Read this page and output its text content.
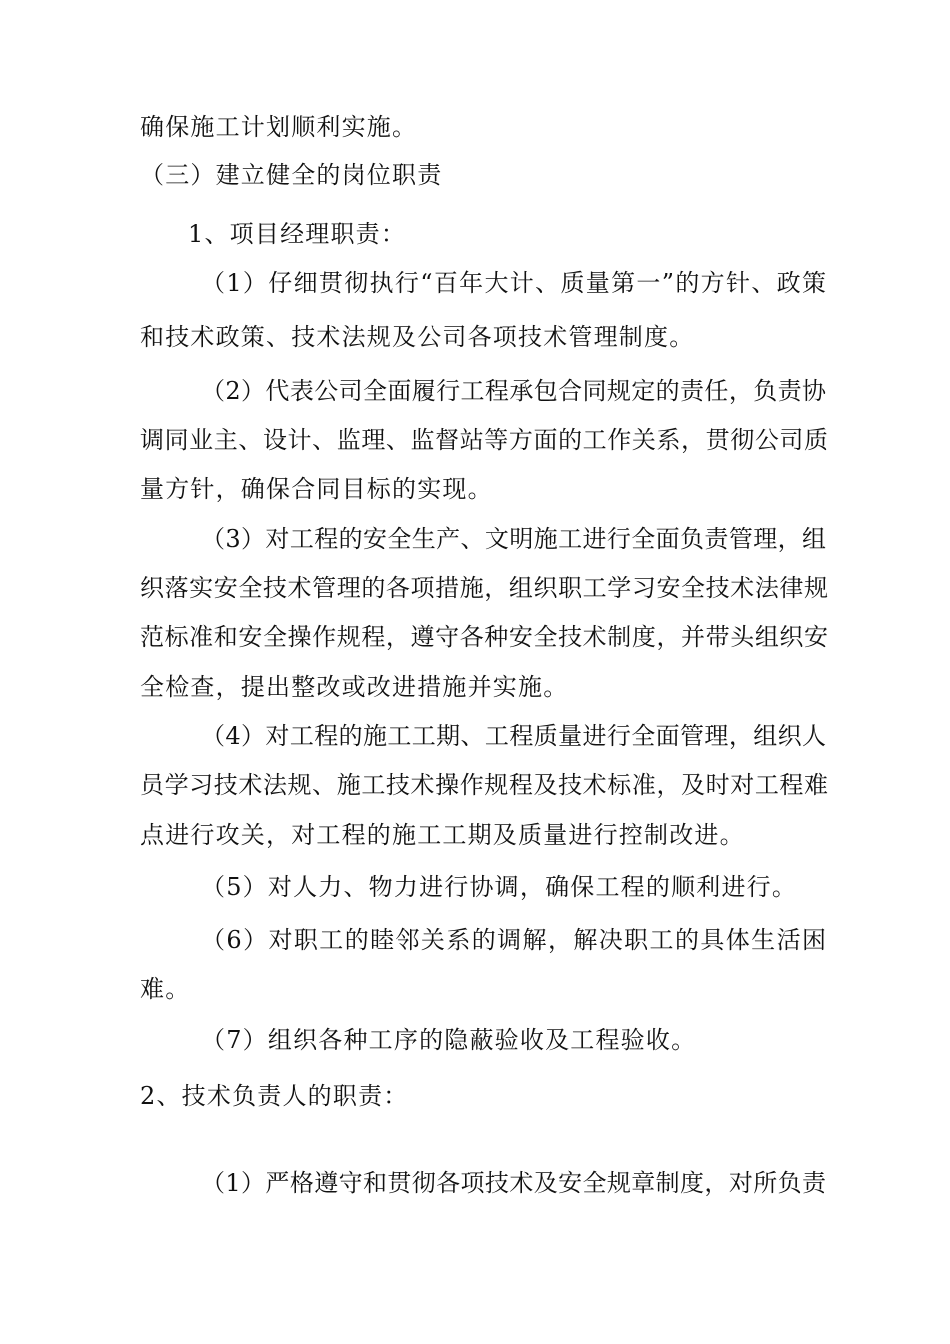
确保施工计划顺利实施。
（三）建立健全的岗位职责
1、项目经理职责：
（1）仔细贯彻执行“百年大计、质量第一”的方针、政策
和技术政策、技术法规及公司各项技术管理制度。
（2）代表公司全面履行工程承包合同规定的责任，负责协
调同业主、设计、监理、监督站等方面的工作关系，贯彻公司质
量方针，确保合同目标的实现。
（3）对工程的安全生产、文明施工进行全面负责管理，组
织落实安全技术管理的各项措施，组织职工学习安全技术法律规
范标准和安全操作规程，遵守各种安全技术制度，并带头组织安
全检查，提出整改或改进措施并实施。
（4）对工程的施工工期、工程质量进行全面管理，组织人
员学习技术法规、施工技术操作规程及技术标准，及时对工程难
点进行攻关，对工程的施工工期及质量进行控制改进。
（5）对人力、物力进行协调，确保工程的顺利进行。
（6）对职工的睦邻关系的调解，解决职工的具体生活困
难。
（7）组织各种工序的隐蔽验收及工程验收。
2、技术负责人的职责：
（1）严格遵守和贯彻各项技术及安全规章制度，对所负责
